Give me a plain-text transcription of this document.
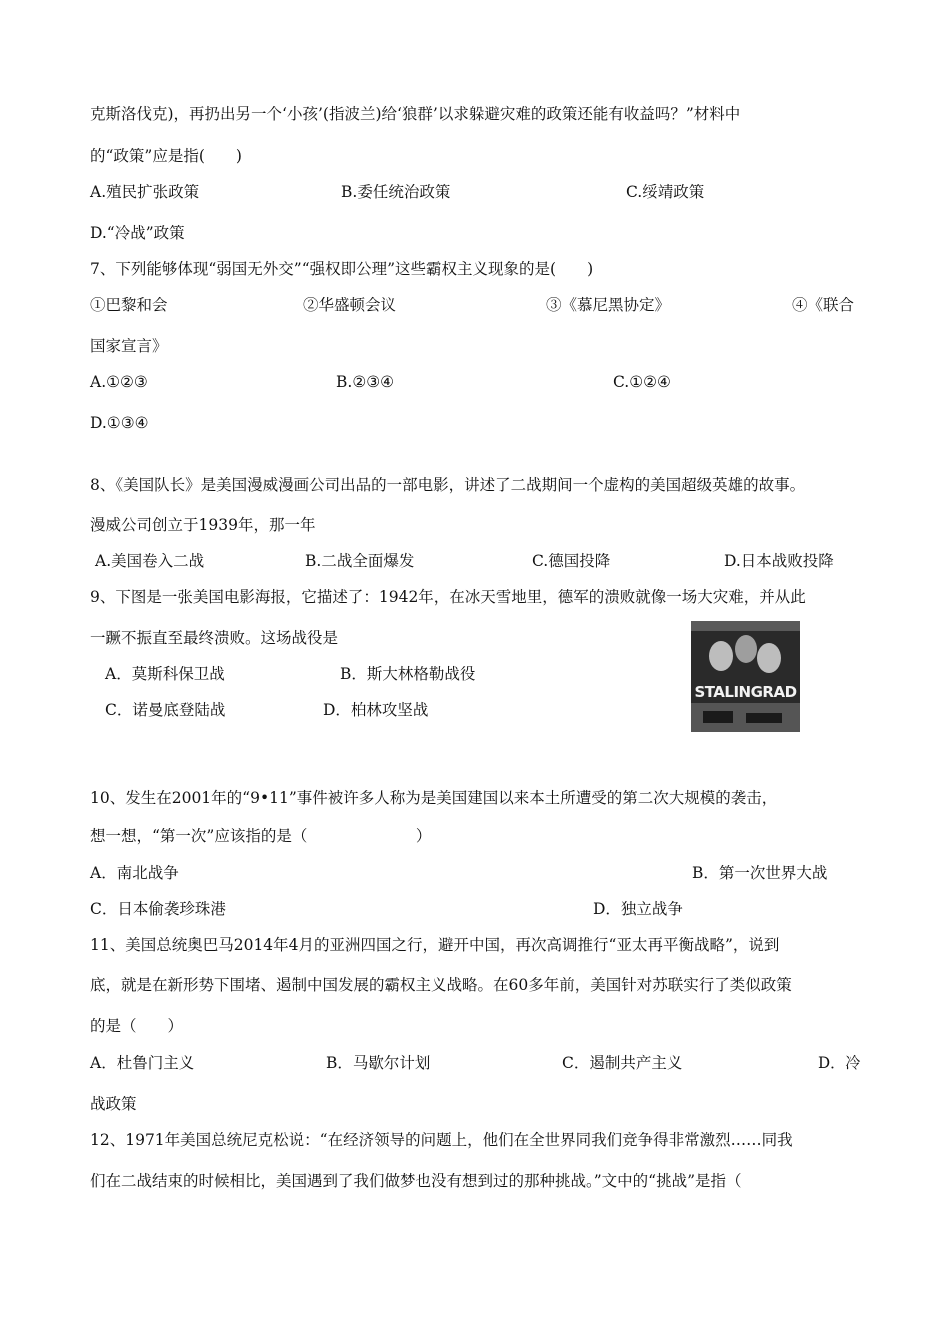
克斯洛伐克)，再扔出另一个‘小孩’(指波兰)给‘狼群’以求躲避灾难的政策还能有收益吗？”材料中
的“政策”应是指(　　)
A.殖民扩张政策	B.委任统治政策	C.绥靖政策
D.“冷战”政策
7、下列能够体现“弱国无外交”“强权即公理”这些霸权主义现象的是(　　)
①巴黎和会	②华盛顿会议	③《慕尼黑协定》	④《联合
国家宣言》
A.①②③	B.②③④	C.①②④
D.①③④
8、《美国队长》是美国漫威漫画公司出品的一部电影，讲述了二战期间一个虚构的美国超级英雄的故事。
漫威公司创立于1939年，那一年
A.美国卷入二战	B.二战全面爆发	C.德国投降	D.日本战败投降
9、下图是一张美国电影海报，它描述了：1942年，在冰天雪地里，德军的溃败就像一场大灾难，并从此
一蹶不振直至最终溃败。这场战役是
A．莫斯科保卫战	B．斯大林格勒战役
C．诺曼底登陆战	D．柏林攻坚战
STALINGRAD
10、发生在2001年的“9•11”事件被许多人称为是美国建国以来本土所遭受的第二次大规模的袭击，
想一想，“第一次”应该指的是（　　　　　　　）
A．南北战争	B．第一次世界大战
C．日本偷袭珍珠港	D．独立战争
11、美国总统奥巴马2014年4月的亚洲四国之行，避开中国，再次高调推行“亚太再平衡战略”，说到
底，就是在新形势下围堵、遏制中国发展的霸权主义战略。在60多年前，美国针对苏联实行了类似政策
的是（　　）
A．杜鲁门主义	B．马歇尔计划	C．遏制共产主义	D．冷
战政策
12、1971年美国总统尼克松说：“在经济领导的问题上，他们在全世界同我们竞争得非常激烈……同我
们在二战结束的时候相比，美国遇到了我们做梦也没有想到过的那种挑战。”文中的“挑战”是指（
